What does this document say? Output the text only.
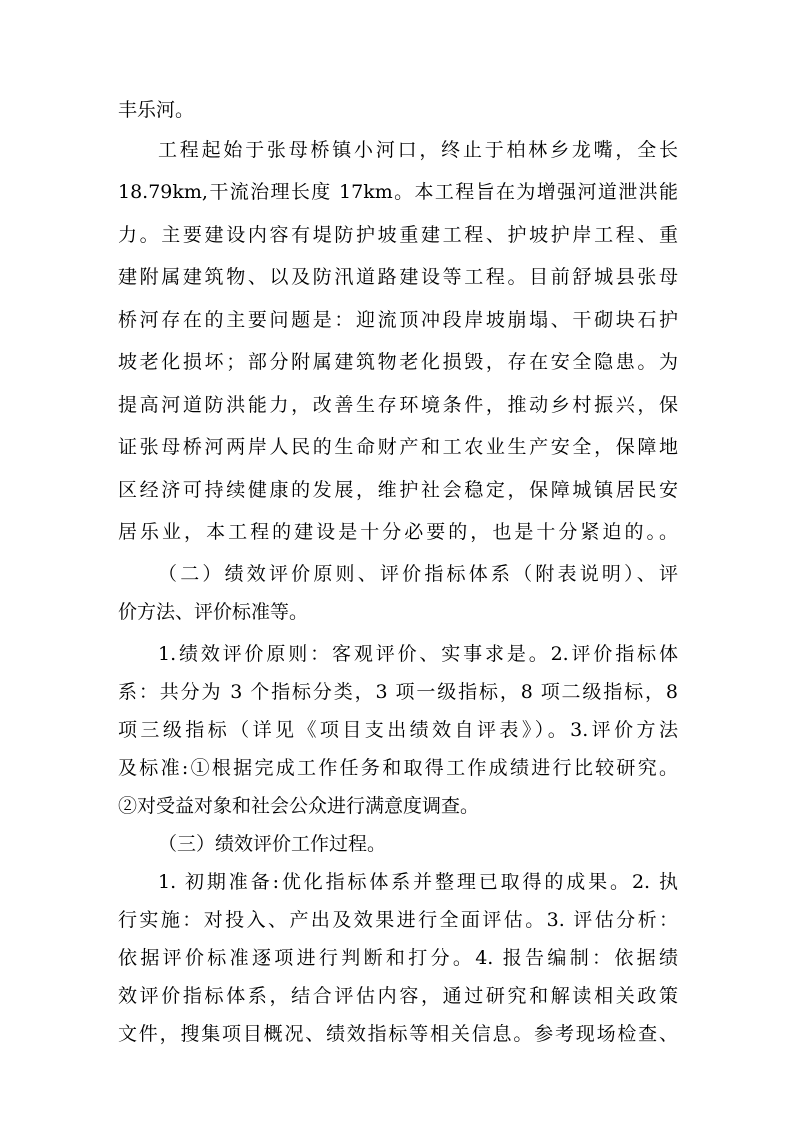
丰乐河。
工程起始于张母桥镇小河口，终止于柏林乡龙嘴，全长
18.79km,干流治理长度 17km。本工程旨在为增强河道泄洪能
力。主要建设内容有堤防护坡重建工程、护坡护岸工程、重
建附属建筑物、以及防汛道路建设等工程。目前舒城县张母
桥河存在的主要问题是：迎流顶冲段岸坡崩塌、干砌块石护
坡老化损坏；部分附属建筑物老化损毁，存在安全隐患。为
提高河道防洪能力，改善生存环境条件，推动乡村振兴，保
证张母桥河两岸人民的生命财产和工农业生产安全，保障地
区经济可持续健康的发展，维护社会稳定，保障城镇居民安
居乐业，本工程的建设是十分必要的，也是十分紧迫的。。
（二）绩效评价原则、评价指标体系（附表说明）、评
价方法、评价标准等。
1.绩效评价原则：客观评价、实事求是。2.评价指标体
系：共分为 3 个指标分类，3 项一级指标，8 项二级指标，8
项三级指标（详见《项目支出绩效自评表》）。3.评价方法
及标准:①根据完成工作任务和取得工作成绩进行比较研究。
②对受益对象和社会公众进行满意度调查。
（三）绩效评价工作过程。
1. 初期准备:优化指标体系并整理已取得的成果。2. 执
行实施：对投入、产出及效果进行全面评估。3. 评估分析：
依据评价标准逐项进行判断和打分。4. 报告编制：依据绩
效评价指标体系，结合评估内容，通过研究和解读相关政策
文件，搜集项目概况、绩效指标等相关信息。参考现场检查、
